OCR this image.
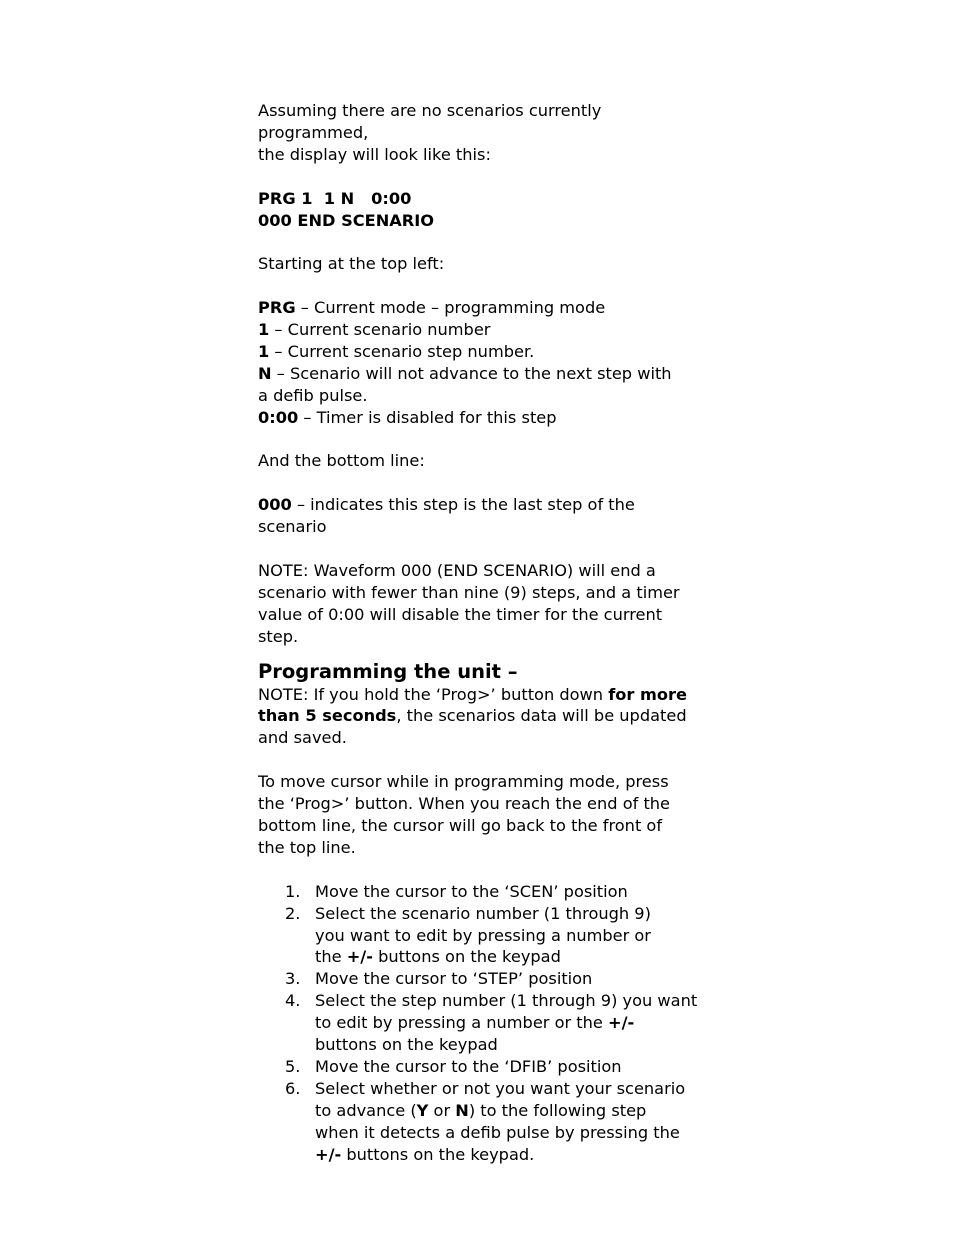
Assuming there are no scenarios currently programmed,
the display will look like this:

PRG 1  1 N   0:00
000 END SCENARIO

Starting at the top left:

PRG – Current mode – programming mode

1 – Current scenario number

1 – Current scenario step number.

N – Scenario will not advance to the next step with a defib pulse.

0:00 – Timer is disabled for this step

And the bottom line:

000 – indicates this step is the last step of the scenario

NOTE: Waveform 000 (END SCENARIO) will end a scenario with fewer than nine (9) steps, and a timer value of 0:00 will disable the timer for the current step.

Programming the unit –

NOTE: If you hold the ‘Prog>’ button down for more than 5 seconds, the scenarios data will be updated and saved.

To move cursor while in programming mode, press the ‘Prog>’ button. When you reach the end of the bottom line, the cursor will go back to the front of the top line.

1. Move the cursor to the ‘SCEN’ position
2. Select the scenario number (1 through 9) you want to edit by pressing a number or the +/- buttons on the keypad
3. Move the cursor to ‘STEP’ position
4. Select the step number (1 through 9) you want to edit by pressing a number or the +/- buttons on the keypad
5. Move the cursor to the ‘DFIB’ position
6. Select whether or not you want your scenario to advance (Y or N) to the following step when it detects a defib pulse by pressing the +/- buttons on the keypad.
